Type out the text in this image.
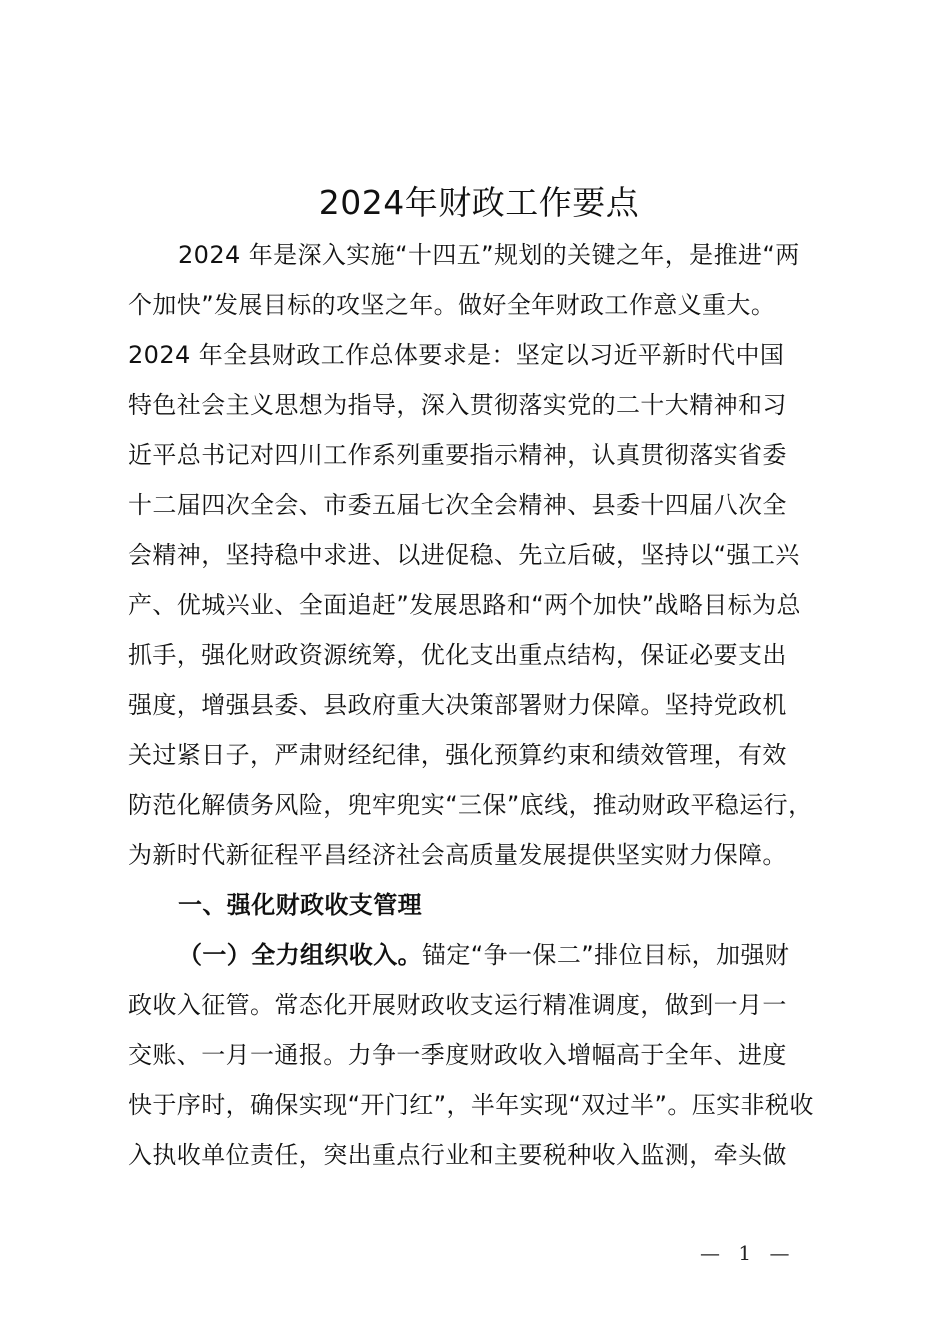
2024年财政工作要点
2024 年是深入实施“十四五”规划的关键之年，是推进“两
个加快”发展目标的攻坚之年。做好全年财政工作意义重大。
2024 年全县财政工作总体要求是：坚定以习近平新时代中国
特色社会主义思想为指导，深入贯彻落实党的二十大精神和习
近平总书记对四川工作系列重要指示精神，认真贯彻落实省委
十二届四次全会、市委五届七次全会精神、县委十四届八次全
会精神，坚持稳中求进、以进促稳、先立后破，坚持以“强工兴
产、优城兴业、全面追赶”发展思路和“两个加快”战略目标为总
抓手，强化财政资源统筹，优化支出重点结构，保证必要支出
强度，增强县委、县政府重大决策部署财力保障。坚持党政机
关过紧日子，严肃财经纪律，强化预算约束和绩效管理，有效
防范化解债务风险，兜牢兜实“三保”底线，推动财政平稳运行，
为新时代新征程平昌经济社会高质量发展提供坚实财力保障。
一、强化财政收支管理
（一）全力组织收入。锚定“争一保二”排位目标，加强财
政收入征管。常态化开展财政收支运行精准调度，做到一月一
交账、一月一通报。力争一季度财政收入增幅高于全年、进度
快于序时，确保实现“开门红”，半年实现“双过半”。压实非税收
入执收单位责任，突出重点行业和主要税种收入监测，牵头做
— 1 —
